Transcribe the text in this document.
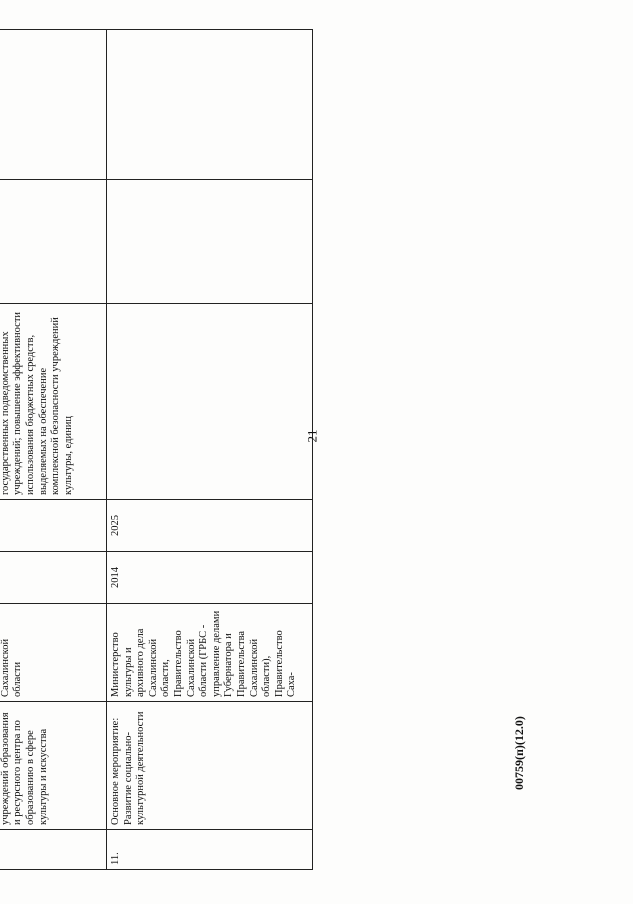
	учреждений образования и ресурсного центра по образованию в сфере культуры и искусства	Сахалинской области			государственных подведомственных учреждений; повышение эффективности использования бюджетных средств, выделяемых на обеспечение комплексной безопасности учреждений культуры, единиц		
11.	Основное мероприятие: Развитие социально-культурной деятельности	Министерство культуры и архивного дела Сахалинской области, Правительство Сахалинской области (ГРБС - управление делами Губернатора и Правительства Сахалинской области), Правительство Саха-	2014	2025			
21
00759(п)(12.0)
